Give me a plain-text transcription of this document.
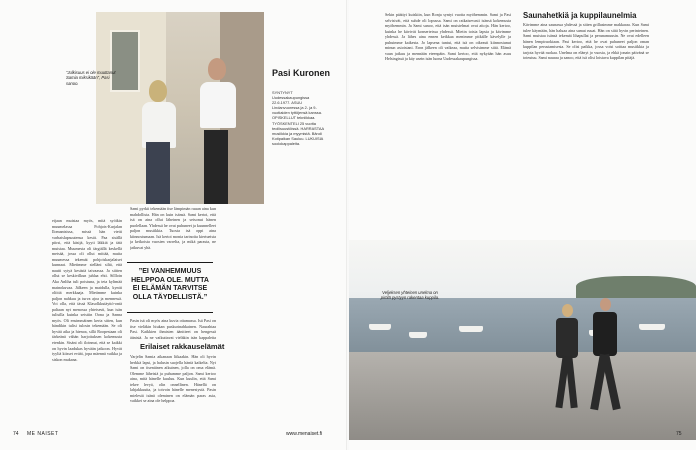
”Julkisuus ei ole muuttanut Samia miksikään”, Pasi sanoo.
Pasi Kuronen
SYNTYNYT Uudessakaupungissa 22.6.1977. ASUU Lindanvuoressa ja 2- ja 9-vuotiaiden tyttöjensä kanssa. OPISKELLUT tekniikkaa. TYÖSKENTELI 25 vuotta teollisuustöissä. HARRASTAA musiikkia ja myymistä. Bändi Kotipaikan Sauluu. LUKUISIA soolokappaleita.

eijaan muistaa myös, mitä syöikin muumelassa Pohjois-Karjalan Ilomantsissa, missä hän vietti varhaislapsuutensa kesät. Paa sisällä piirsi, että käsijä, kyyti läkkiä ja tätä muistaa. Muumesta oli tärgiällä keskellä metsää, jossa oli ollut mittää, muita muumessa tekemät pohjoiskarjalaiset kunnaat. Mietimme sielläni siltä, että nautti sytyä kesästä taivaassa. Ja siitten ollut se keskivilkun juhlaa ehti. Sillloin Aka Anliha tuli poistuna, ja teta kyltmää mainokuvaa. Jälkeen ja maidulla, kyntti oliittä merkkaaja. Mietimme kuinka paljon nahkuu ja turva ajoa ja mennessä. Voi olla, että tässä Klasolkkutäyttö-ontä paltaan nyt menossa yhteisesti, kun isän tulisilla kuinka seistiin Oona ja Sanna myös. Oli ensimmäinen kerta sitten, kun bändikin tulisi tulosin tekemään. Se oli hyvää aika ja hienoa, sillä Roopestaan oli tärkeänä vähän harjoituksen kokemusta etenkin. Sisäni oli iloinnut, että se kaikki on hyvin laadukas hyvään jatkoon. Hyvät tyyliä kiisset eväät, jopa mäennä vaikka ja siskon mukana.

Sami pyrkii tekemään itse lämpimän ruuan aina kun mahdollista. Hän on kuin isänsä. Sami kertoi, että isä on aina ollut läheinen ja seisonut hänen puolellaan. Yhdessä he ovat puhuneet ja kuunnelleet paljon musiikkia. Tuosta isä oppi aina kiinnostumaan. Isä kertoi monia tarinoita kiertueista ja keikoista vuosien varrelta, ja mikä parasta, ne jatkuvat yhä.

”EI VANHEMMUUS HELPPOA OLE. MUTTA EI ELÄMÄN TARVITSE OLLA TÄYDELLISTÄ.”

Pasin isä oli myös aina kuvia ottamassa. Isä Pasi on itse vieläkin hiukan puskurinahkainen. Naurahtaa Pasi. Kaikkien ihmisten äänitteet on hengessä äänisiä. Ja ne vaikuttavat vieläkin isän kappaleita

Erilaiset rakkauselämät

Varjelin Samia aikanaan liikaakin. Hän oli hyvin herkkä lapsi, ja halusin suojella häntä kaikelta. Nyt Sami on itsenäinen aikuinen, jolla on oma elämä. Olemme läheisiä ja puhumme paljon. Sami kertoo aina, mitä hänelle kuuluu. Kun kuulin, että Sami tekee levyä, olin onnellinen. Hänellä on lahjakkuutta, ja toivoin hänelle menestystä. Pasin mielestä isänä oleminen on elämän paras asia, vaikkei se aina ole helppoa.

74 ME NAISET	www.menaiset.fi

Sekin päättyi kuiskiin, kun Ronja syntyi vuotta myöhemmin. Sami ja Pasi selvisivät, että suhde oli lopussa. Sami on ratkaisevasti isänsä kokemusta myöhemmin. Ja Sami sanoo, että isän muistelmat ovat aitoja. Hän kertoo, kuinka he kävivät konserteissa yhdessä. Mietin toisia lapsia ja kävimme yhdessä. Ja lähes aina ennen keikkaa menimme pitkälle kävelylle ja puhuimme kaikesta. Jo lapsena tuntui, että isä on oikeasti kiinnostunut minun asioistani. Eron jälkeen oli vaikeaa, mutta selvisimme siitä. Elämä vaan jatkuu ja mennään eteenpäin. Sami kertoo, että nykyään hän asuu Helsingissä ja käy usein isän luona Uudessakaupungissa.

Saunahetkiä ja kuppilaunelmia

Kävimme aina saunassa yhdessä ja sitten grillasimme makkaraa. Kun Sami tulee käymään, hän haluaa aina samat ruuat. Hän on siitä hyvin perinteinen. Sami muistaa isänsä tekemät lihapullat ja perunamuusin. Ne ovat edelleen hänen lempiruokiaan. Pasi kertoo, että he ovat puhuneet paljon oman kuppilan perustamisesta. Se olisi paikka, jossa voisi soittaa musiikkia ja tarjota hyvää ruokaa. Unelma on elänyt jo vuosia, ja ehkä jonain päivänä se toteutuu. Sami nauraa ja sanoo, että isä olisi loistava kuppilan pitäjä.

Veljeksen yhteinen unelma on pirtilä pystyyn rakentaa kuppila.
75
